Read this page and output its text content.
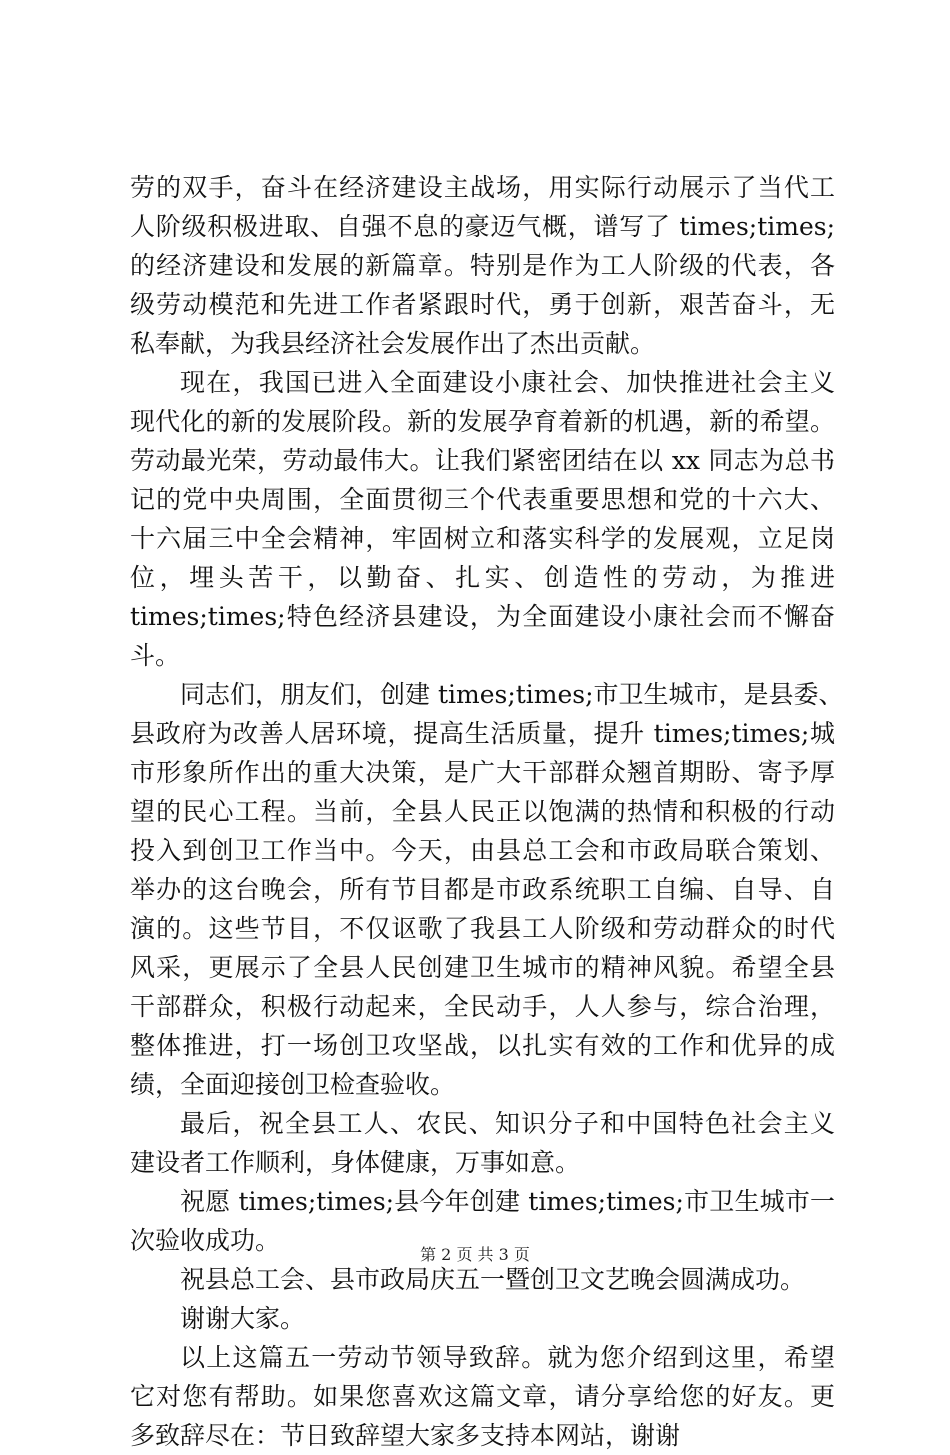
劳的双手，奋斗在经济建设主战场，用实际行动展示了当代工
人阶级积极进取、自强不息的豪迈气概，谱写了 times;times;
的经济建设和发展的新篇章。特别是作为工人阶级的代表，各
级劳动模范和先进工作者紧跟时代，勇于创新，艰苦奋斗，无
私奉献，为我县经济社会发展作出了杰出贡献。
现在，我国已进入全面建设小康社会、加快推进社会主义
现代化的新的发展阶段。新的发展孕育着新的机遇，新的希望。
劳动最光荣，劳动最伟大。让我们紧密团结在以 xx 同志为总书
记的党中央周围，全面贯彻三个代表重要思想和党的十六大、
十六届三中全会精神，牢固树立和落实科学的发展观，立足岗
位，埋头苦干，以勤奋、扎实、创造性的劳动，为推进
times;times;特色经济县建设，为全面建设小康社会而不懈奋
斗。
同志们，朋友们，创建 times;times;市卫生城市，是县委、
县政府为改善人居环境，提高生活质量，提升 times;times;城
市形象所作出的重大决策，是广大干部群众翘首期盼、寄予厚
望的民心工程。当前，全县人民正以饱满的热情和积极的行动
投入到创卫工作当中。今天，由县总工会和市政局联合策划、
举办的这台晚会，所有节目都是市政系统职工自编、自导、自
演的。这些节目，不仅讴歌了我县工人阶级和劳动群众的时代
风采，更展示了全县人民创建卫生城市的精神风貌。希望全县
干部群众，积极行动起来，全民动手，人人参与，综合治理，
整体推进，打一场创卫攻坚战，以扎实有效的工作和优异的成
绩，全面迎接创卫检查验收。
最后，祝全县工人、农民、知识分子和中国特色社会主义
建设者工作顺利，身体健康，万事如意。
祝愿 times;times;县今年创建 times;times;市卫生城市一
次验收成功。
祝县总工会、县市政局庆五一暨创卫文艺晚会圆满成功。
谢谢大家。
以上这篇五一劳动节领导致辞。就为您介绍到这里，希望
它对您有帮助。如果您喜欢这篇文章，请分享给您的好友。更
多致辞尽在：节日致辞望大家多支持本网站，谢谢
第 2 页 共 3 页
